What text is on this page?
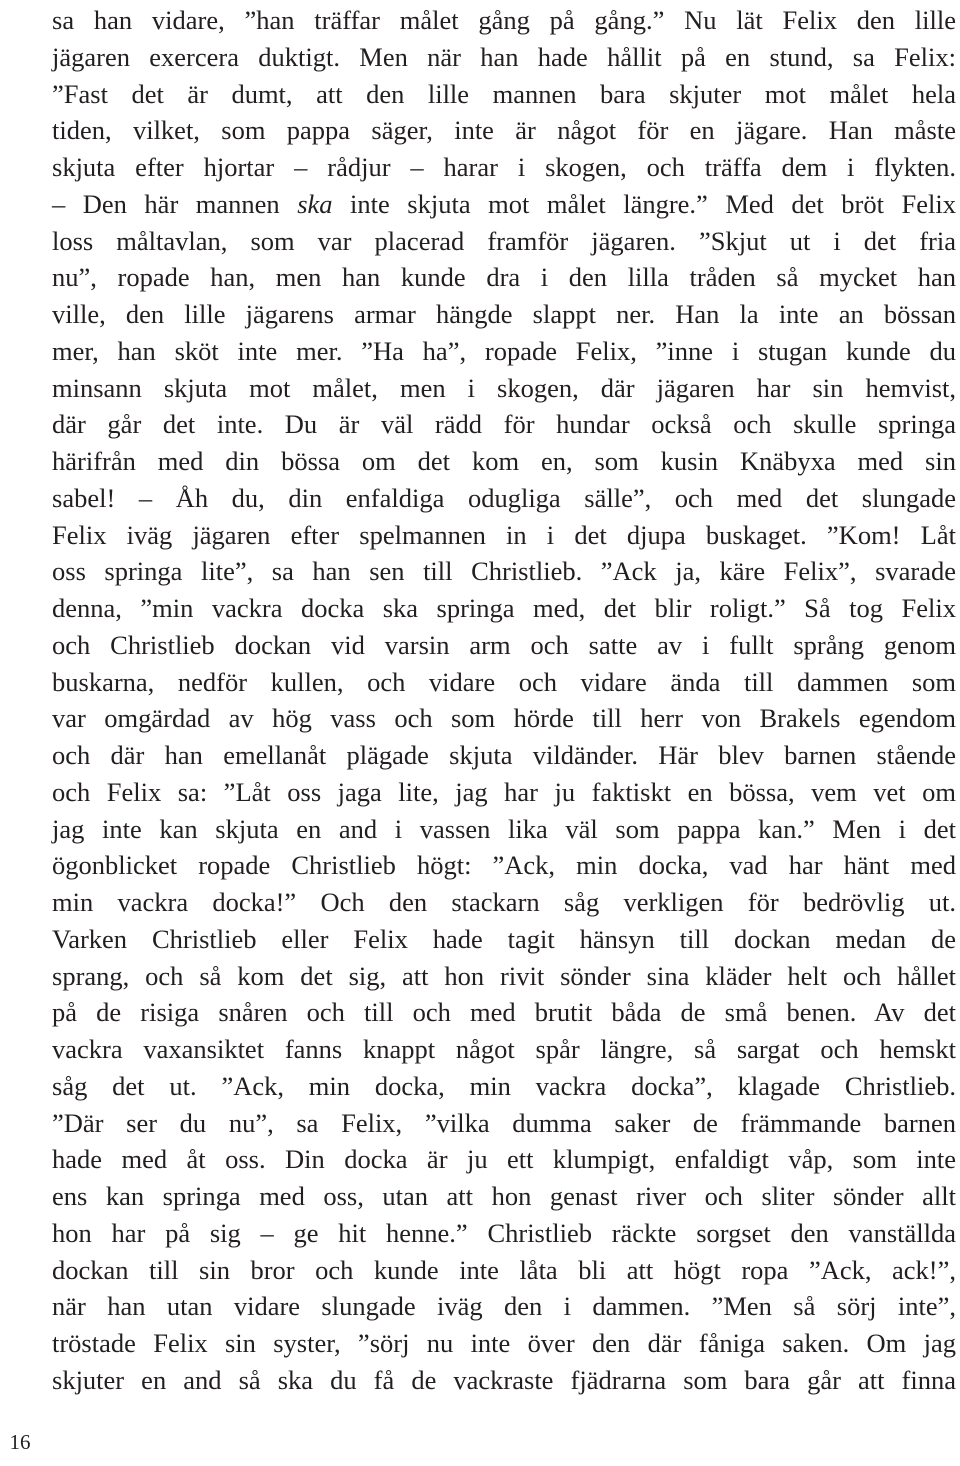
sa han vidare, ”han träffar målet gång på gång.” Nu lät Felix den lille
jägaren exercera duktigt. Men när han hade hållit på en stund, sa Felix:
”Fast det är dumt, att den lille mannen bara skjuter mot målet hela
tiden, vilket, som pappa säger, inte är något för en jägare. Han måste
skjuta efter hjortar – rådjur – harar i skogen, och träffa dem i flykten.
– Den här mannen ska inte skjuta mot målet längre.” Med det bröt Felix
loss måltavlan, som var placerad framför jägaren. ”Skjut ut i det fria
nu”, ropade han, men han kunde dra i den lilla tråden så mycket han
ville, den lille jägarens armar hängde slappt ner. Han la inte an bössan
mer, han sköt inte mer. ”Ha ha”, ropade Felix, ”inne i stugan kunde du
minsann skjuta mot målet, men i skogen, där jägaren har sin hemvist,
där går det inte. Du är väl rädd för hundar också och skulle springa
härifrån med din bössa om det kom en, som kusin Knäbyxa med sin
sabel! – Åh du, din enfaldiga odugliga sälle”, och med det slungade
Felix iväg jägaren efter spelmannen in i det djupa buskaget. ”Kom! Låt
oss springa lite”, sa han sen till Christlieb. ”Ack ja, käre Felix”, svarade
denna, ”min vackra docka ska springa med, det blir roligt.” Så tog Felix
och Christlieb dockan vid varsin arm och satte av i fullt språng genom
buskarna, nedför kullen, och vidare och vidare ända till dammen som
var omgärdad av hög vass och som hörde till herr von Brakels egendom
och där han emellanåt plägade skjuta vildänder. Här blev barnen stående
och Felix sa: ”Låt oss jaga lite, jag har ju faktiskt en bössa, vem vet om
jag inte kan skjuta en and i vassen lika väl som pappa kan.” Men i det
ögonblicket ropade Christlieb högt: ”Ack, min docka, vad har hänt med
min vackra docka!” Och den stackarn såg verkligen för bedrövlig ut.
Varken Christlieb eller Felix hade tagit hänsyn till dockan medan de
sprang, och så kom det sig, att hon rivit sönder sina kläder helt och hållet
på de risiga snåren och till och med brutit båda de små benen. Av det
vackra vaxansiktet fanns knappt något spår längre, så sargat och hemskt
såg det ut. ”Ack, min docka, min vackra docka”, klagade Christlieb.
”Där ser du nu”, sa Felix, ”vilka dumma saker de främmande barnen
hade med åt oss. Din docka är ju ett klumpigt, enfaldigt våp, som inte
ens kan springa med oss, utan att hon genast river och sliter sönder allt
hon har på sig – ge hit henne.” Christlieb räckte sorgset den vanställda
dockan till sin bror och kunde inte låta bli att högt ropa ”Ack, ack!”,
när han utan vidare slungade iväg den i dammen. ”Men så sörj inte”,
tröstade Felix sin syster, ”sörj nu inte över den där fåniga saken. Om jag
skjuter en and så ska du få de vackraste fjädrarna som bara går att finna
16
